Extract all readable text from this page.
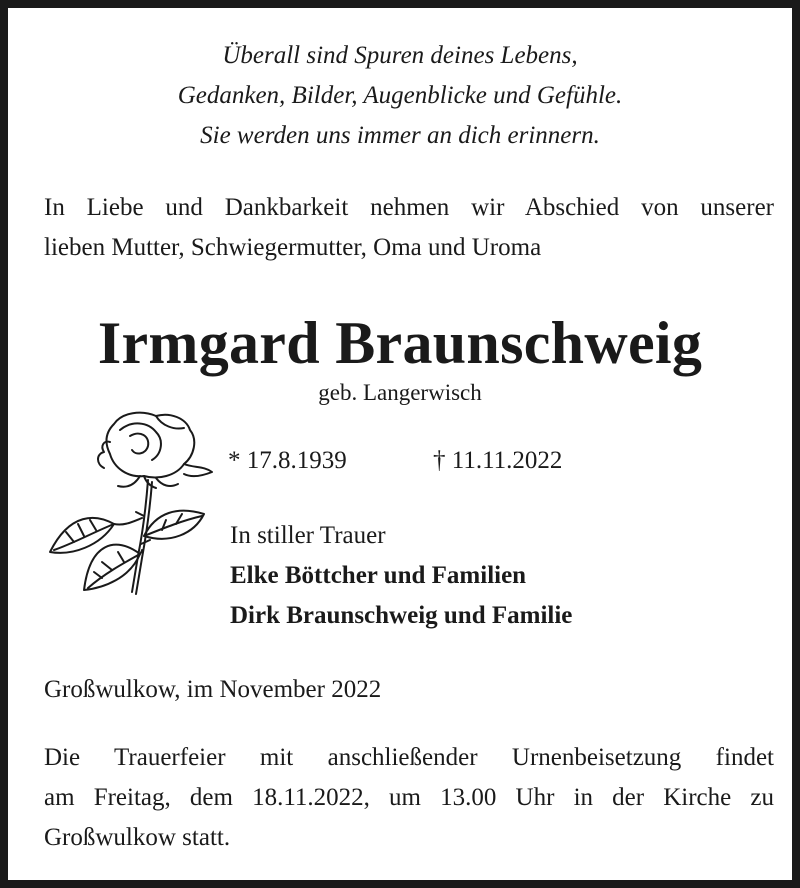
Überall sind Spuren deines Lebens,
Gedanken, Bilder, Augenblicke und Gefühle.
Sie werden uns immer an dich erinnern.
In Liebe und Dankbarkeit nehmen wir Abschied von unserer
lieben Mutter, Schwiegermutter, Oma und Uroma
Irmgard Braunschweig
geb. Langerwisch
* 17.8.1939	† 11.11.2022
In stiller Trauer
Elke Böttcher und Familien
Dirk Braunschweig und Familie
Großwulkow, im November 2022
Die Trauerfeier mit anschließender Urnenbeisetzung findet
am Freitag, dem 18.11.2022, um 13.00 Uhr in der Kirche zu
Großwulkow statt.
